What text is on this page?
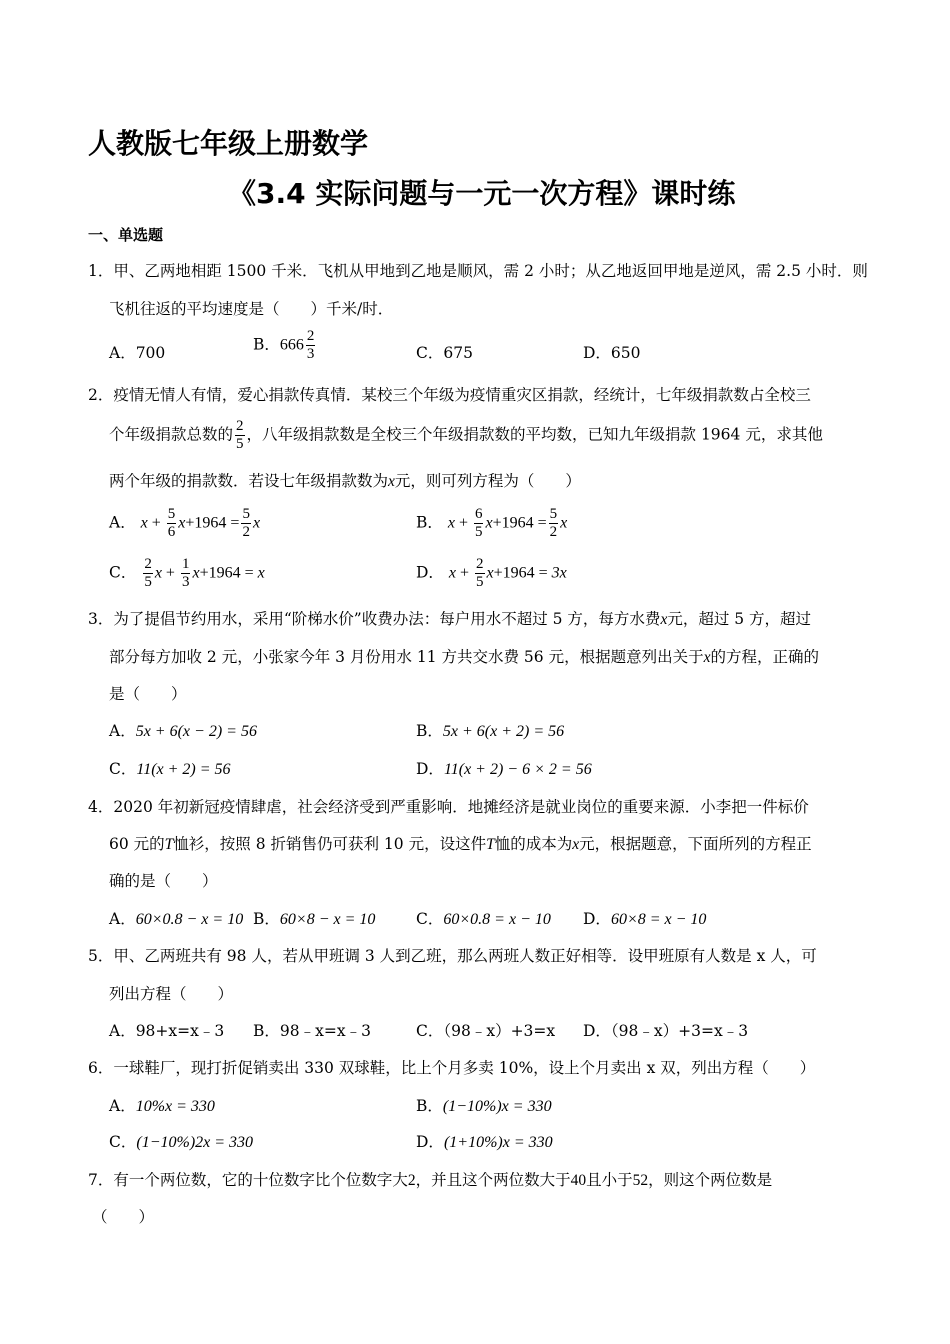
人教版七年级上册数学
《3.4 实际问题与一元一次方程》课时练
一、单选题
1．甲、乙两地相距 1500 千米．飞机从甲地到乙地是顺风，需 2 小时；从乙地返回甲地是逆风，需 2.5 小时．则
飞机往返的平均速度是（　　）千米/时．
A．700	B．$666 \frac{2}{3}$	C．675	D．650
2．疫情无情人有情，爱心捐款传真情．某校三个年级为疫情重灾区捐款，经统计，七年级捐款数占全校三
个年级捐款总数的 $\frac{2}{5}$ ，八年级捐款数是全校三个年级捐款数的平均数，已知九年级捐款 1964 元，求其他
两个年级的捐款数．若设七年级捐款数为x元，则可列方程为（　　）
A． $x + \frac{5}{6} x+1964 = \frac{5}{2}$ x	B． $x + \frac{6}{5} x+1964 = \frac{5}{2}$ x
C． $\frac{2}{5}$ $x + \frac{1}{3} x+1964 = x$	D． $x + \frac{2}{5} x+1964 = 3x$
3．为了提倡节约用水，采用“阶梯水价”收费办法：每户用水不超过 5 方，每方水费x元，超过 5 方，超过
部分每方加收 2 元，小张家今年 3 月份用水 11 方共交水费 56 元，根据题意列出关于x的方程，正确的
是（　　）
A．5x + 6(x − 2) = 56	B．5x + 6(x + 2) = 56
C．11(x + 2) = 56	D．11(x + 2) − 6 × 2 = 56
4．2020 年初新冠疫情肆虐，社会经济受到严重影响．地摊经济是就业岗位的重要来源．小李把一件标价
60 元的T恤衫，按照 8 折销售仍可获利 10 元，设这件T恤的成本为x元，根据题意，下面所列的方程正
确的是（　　）
A．60×0.8 − x = 10 B．60×8 − x = 10	C．60×0.8 = x − 10 D．60×8 = x − 10
5．甲、乙两班共有 98 人，若从甲班调 3 人到乙班，那么两班人数正好相等．设甲班原有人数是 x 人，可
列出方程（　　）
A．98+x=x﹣3 B．98﹣x=x﹣3	C．（98﹣x）+3=x D．（98﹣x）+3=x﹣3
6．一球鞋厂，现打折促销卖出 330 双球鞋，比上个月多卖 10%，设上个月卖出 x 双，列出方程（　　）
A．10%x = 330	B．(1−10%)x = 330
C．(1−10%)2x = 330	D．(1+10%)x = 330
7．有一个两位数，它的十位数字比个位数字大2，并且这个两位数大于40且小于52，则这个两位数是
（　　）
